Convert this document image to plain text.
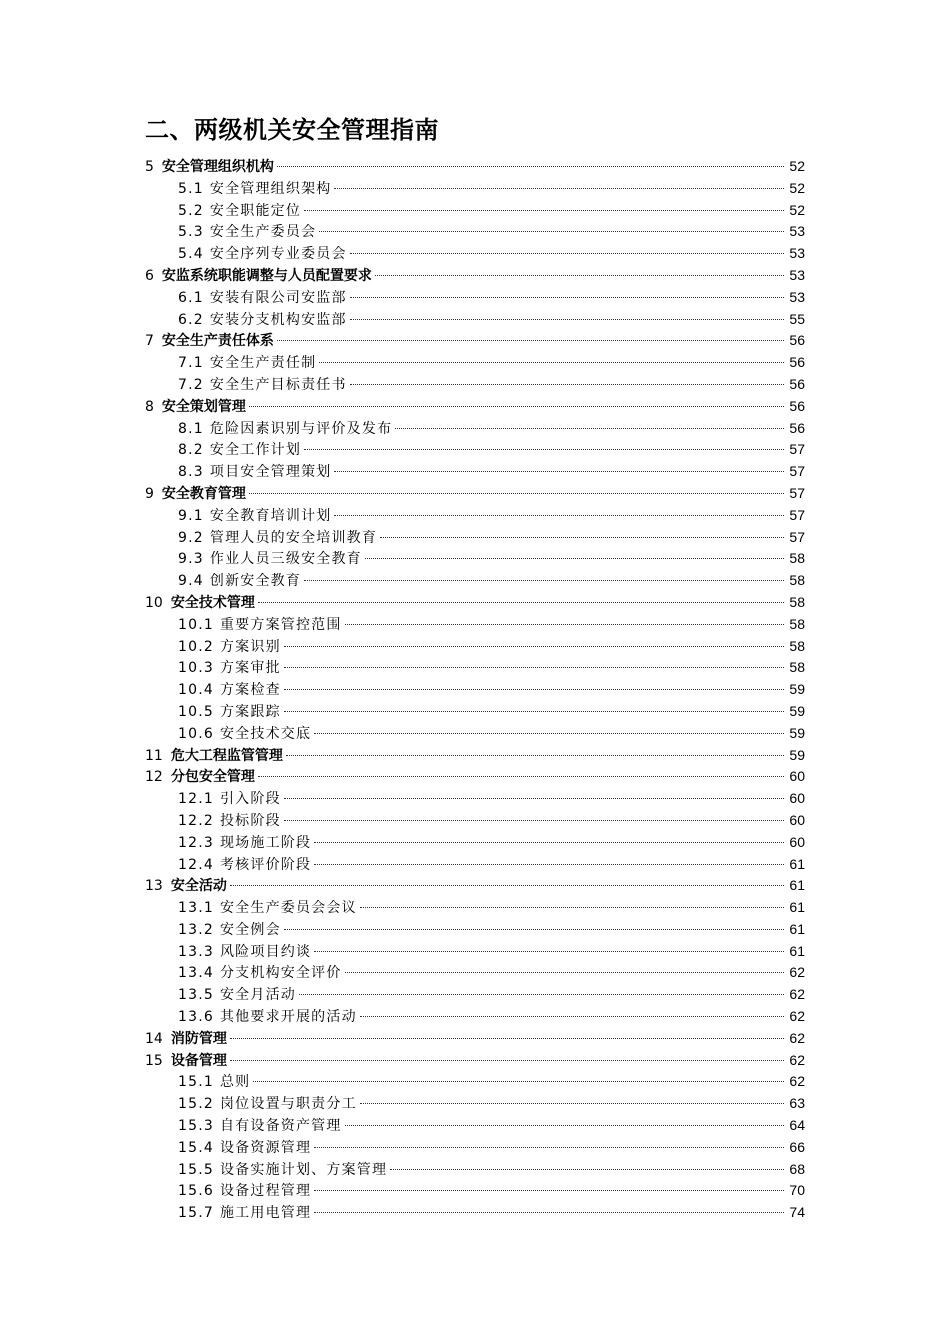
二、两级机关安全管理指南
5 安全管理组织机构	52
5.1 安全管理组织架构	52
5.2 安全职能定位	52
5.3 安全生产委员会	53
5.4 安全序列专业委员会	53
6 安监系统职能调整与人员配置要求	53
6.1 安装有限公司安监部	53
6.2 安装分支机构安监部	55
7 安全生产责任体系	56
7.1 安全生产责任制	56
7.2 安全生产目标责任书	56
8 安全策划管理	56
8.1 危险因素识别与评价及发布	56
8.2 安全工作计划	57
8.3 项目安全管理策划	57
9 安全教育管理	57
9.1 安全教育培训计划	57
9.2 管理人员的安全培训教育	57
9.3 作业人员三级安全教育	58
9.4 创新安全教育	58
10 安全技术管理	58
10.1 重要方案管控范围	58
10.2 方案识别	58
10.3 方案审批	58
10.4 方案检查	59
10.5 方案跟踪	59
10.6 安全技术交底	59
11 危大工程监管管理	59
12 分包安全管理	60
12.1 引入阶段	60
12.2 投标阶段	60
12.3 现场施工阶段	60
12.4 考核评价阶段	61
13 安全活动	61
13.1 安全生产委员会会议	61
13.2 安全例会	61
13.3 风险项目约谈	61
13.4 分支机构安全评价	62
13.5 安全月活动	62
13.6 其他要求开展的活动	62
14 消防管理	62
15 设备管理	62
15.1 总则	62
15.2 岗位设置与职责分工	63
15.3 自有设备资产管理	64
15.4 设备资源管理	66
15.5 设备实施计划、方案管理	68
15.6 设备过程管理	70
15.7 施工用电管理	74
